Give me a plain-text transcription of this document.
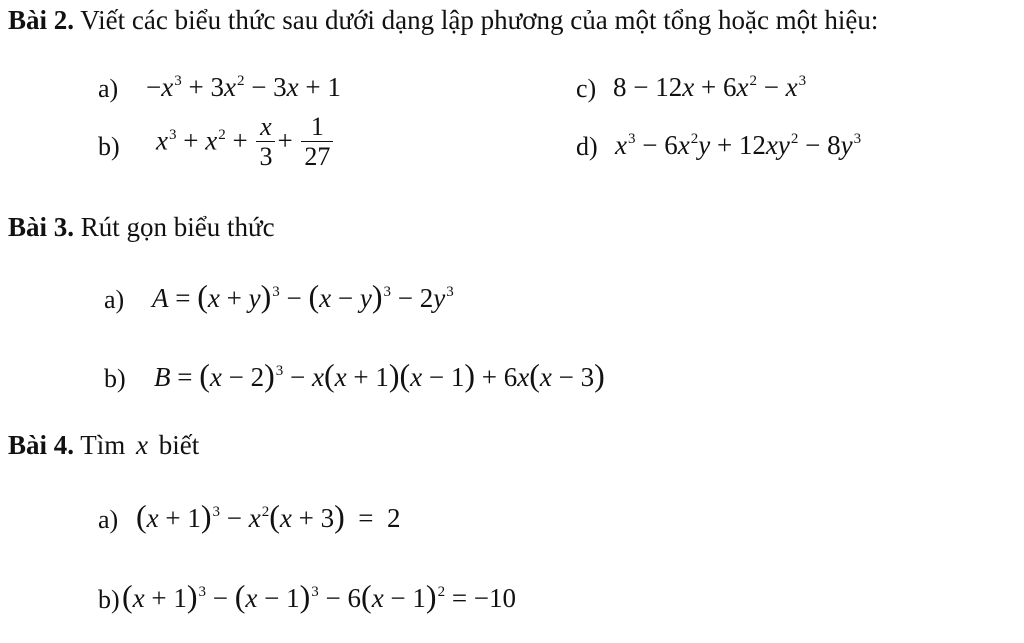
Bài 2. Viết các biểu thức sau dưới dạng lập phương của một tổng hoặc một hiệu:
$a) -x^3 + 3x^2 - 3x + 1$	c) $8 - 12x + 6x^2 - x^3$
b) $x^3 + x^2 + \frac{x}{3} + \frac{1}{27}$	d) $x^3 - 6x^2y + 12xy^2 - 8y^3$
Bài 3. Rút gọn biểu thức
a) $A = (x + y)^3 - (x - y)^3 - 2y^3$
b) $B = (x - 2)^3 - x(x + 1)(x - 1) + 6x(x - 3)$
Bài 4. Tìm x biết
a) $(x + 1)^3 - x^2(x + 3) = 2$
b) $(x + 1)^3 - (x - 1)^3 - 6(x - 1)^2 = -10$
